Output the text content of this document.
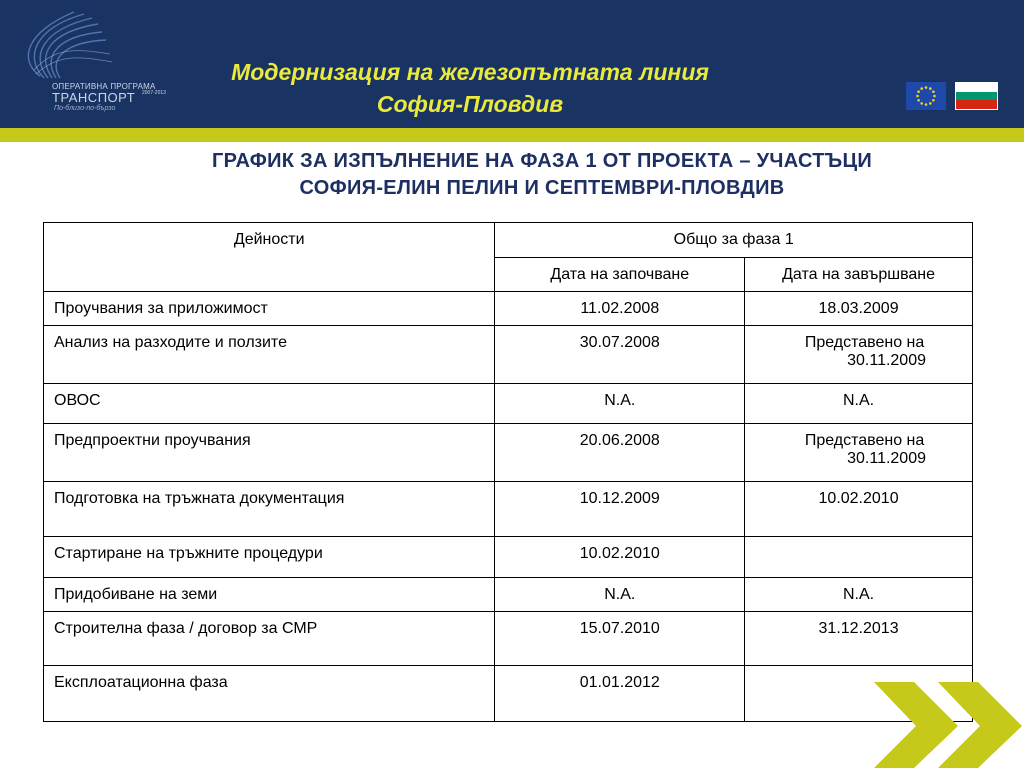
ОПЕРАТИВНА ПРОГРАМА
ТРАНСПОРТ 2007-2013
По-близо-по-бързо
Модернизация на железопътната линия
София-Пловдив
ГРАФИК ЗА ИЗПЪЛНЕНИЕ НА ФАЗА 1 ОТ ПРОЕКТА – УЧАСТЪЦИ
СОФИЯ-ЕЛИН ПЕЛИН И СЕПТЕМВРИ-ПЛОВДИВ
Дейности	Общо за фаза 1	
	Дата на започване	Дата на завършване
Проучвания за приложимост	11.02.2008	18.03.2009
Анализ на разходите и ползите	30.07.2008	Представено на
30.11.2009

ОВОС	N.A.	N.A.
Предпроектни проучвания	20.06.2008	Представено на
30.11.2009

Подготовка на тръжната документация	10.12.2009	10.02.2010
Стартиране на тръжните процедури	10.02.2010	
Придобиване на земи	N.A.	N.A.
Строителна фаза / договор за СМР	15.07.2010	31.12.2013
Експлоатационна фаза	01.01.2012	
